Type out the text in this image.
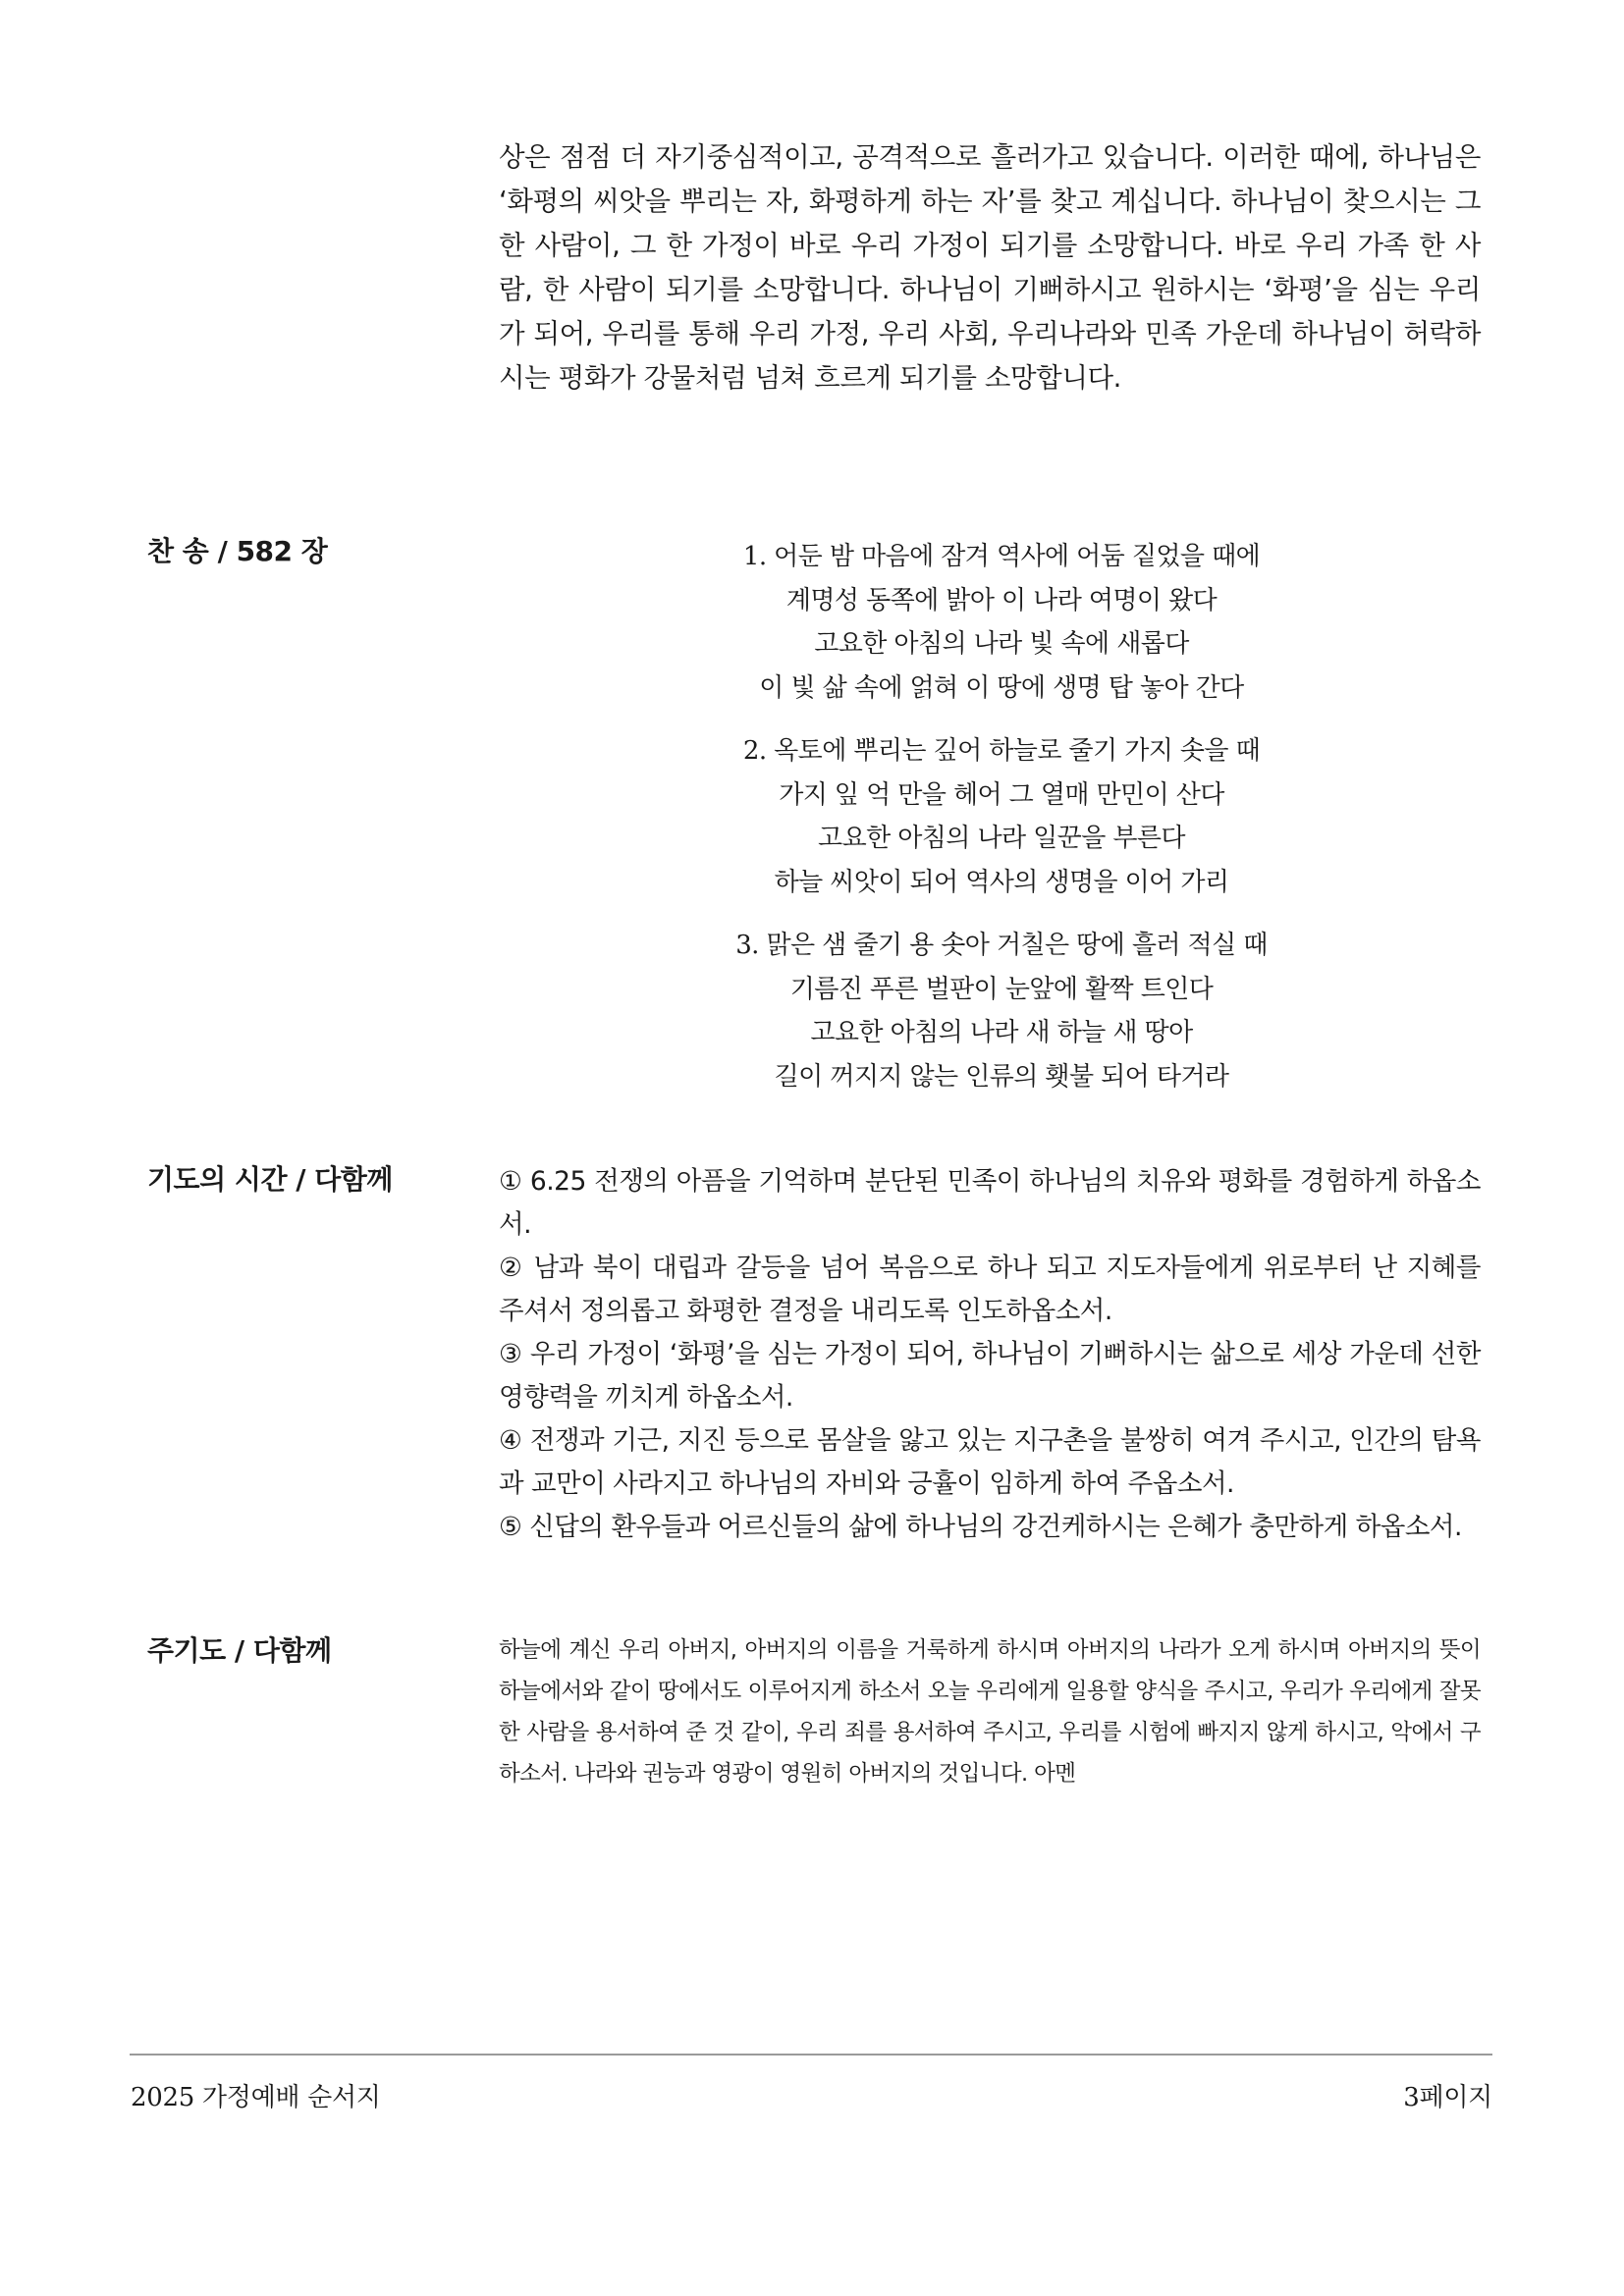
상은 점점 더 자기중심적이고, 공격적으로 흘러가고 있습니다. 이러한 때에, 하나님은 ‘화평의 씨앗을 뿌리는 자, 화평하게 하는 자’를 찾고 계십니다. 하나님이 찾으시는 그 한 사람이, 그 한 가정이 바로 우리 가정이 되기를 소망합니다. 바로 우리 가족 한 사람, 한 사람이 되기를 소망합니다. 하나님이 기뻐하시고 원하시는 ‘화평’을 심는 우리가 되어, 우리를 통해 우리 가정, 우리 사회, 우리나라와 민족 가운데 하나님이 허락하시는 평화가 강물처럼 넘쳐 흐르게 되기를 소망합니다.
찬 송 / 582 장	1. 어둔 밤 마음에 잠겨 역사에 어둠 짙었을 때에

계명성 동쪽에 밝아 이 나라 여명이 왔다

고요한 아침의 나라 빛 속에 새롭다

이 빛 삶 속에 얽혀 이 땅에 생명 탑 놓아 간다

2. 옥토에 뿌리는 깊어 하늘로 줄기 가지 솟을 때

가지 잎 억 만을 헤어 그 열매 만민이 산다

고요한 아침의 나라 일꾼을 부른다

하늘 씨앗이 되어 역사의 생명을 이어 가리

3. 맑은 샘 줄기 용 솟아 거칠은 땅에 흘러 적실 때

기름진 푸른 벌판이 눈앞에 활짝 트인다

고요한 아침의 나라 새 하늘 새 땅아

길이 꺼지지 않는 인류의 횃불 되어 타거라

기도의 시간 / 다함께	① 6.25 전쟁의 아픔을 기억하며 분단된 민족이 하나님의 치유와 평화를 경험하게 하옵소서.

② 남과 북이 대립과 갈등을 넘어 복음으로 하나 되고 지도자들에게 위로부터 난 지혜를 주셔서 정의롭고 화평한 결정을 내리도록 인도하옵소서.

③ 우리 가정이 ‘화평’을 심는 가정이 되어, 하나님이 기뻐하시는 삶으로 세상 가운데 선한 영향력을 끼치게 하옵소서.

④ 전쟁과 기근, 지진 등으로 몸살을 앓고 있는 지구촌을 불쌍히 여겨 주시고, 인간의 탐욕과 교만이 사라지고 하나님의 자비와 긍휼이 임하게 하여 주옵소서.

⑤ 신답의 환우들과 어르신들의 삶에 하나님의 강건케하시는 은혜가 충만하게 하옵소서.

주기도 / 다함께	하늘에 계신 우리 아버지, 아버지의 이름을 거룩하게 하시며 아버지의 나라가 오게 하시며 아버지의 뜻이 하늘에서와 같이 땅에서도 이루어지게 하소서 오늘 우리에게 일용할 양식을 주시고, 우리가 우리에게 잘못한 사람을 용서하여 준 것 같이, 우리 죄를 용서하여 주시고, 우리를 시험에 빠지지 않게 하시고, 악에서 구하소서. 나라와 권능과 영광이 영원히 아버지의 것입니다. 아멘
2025 가정예배 순서지	3페이지
